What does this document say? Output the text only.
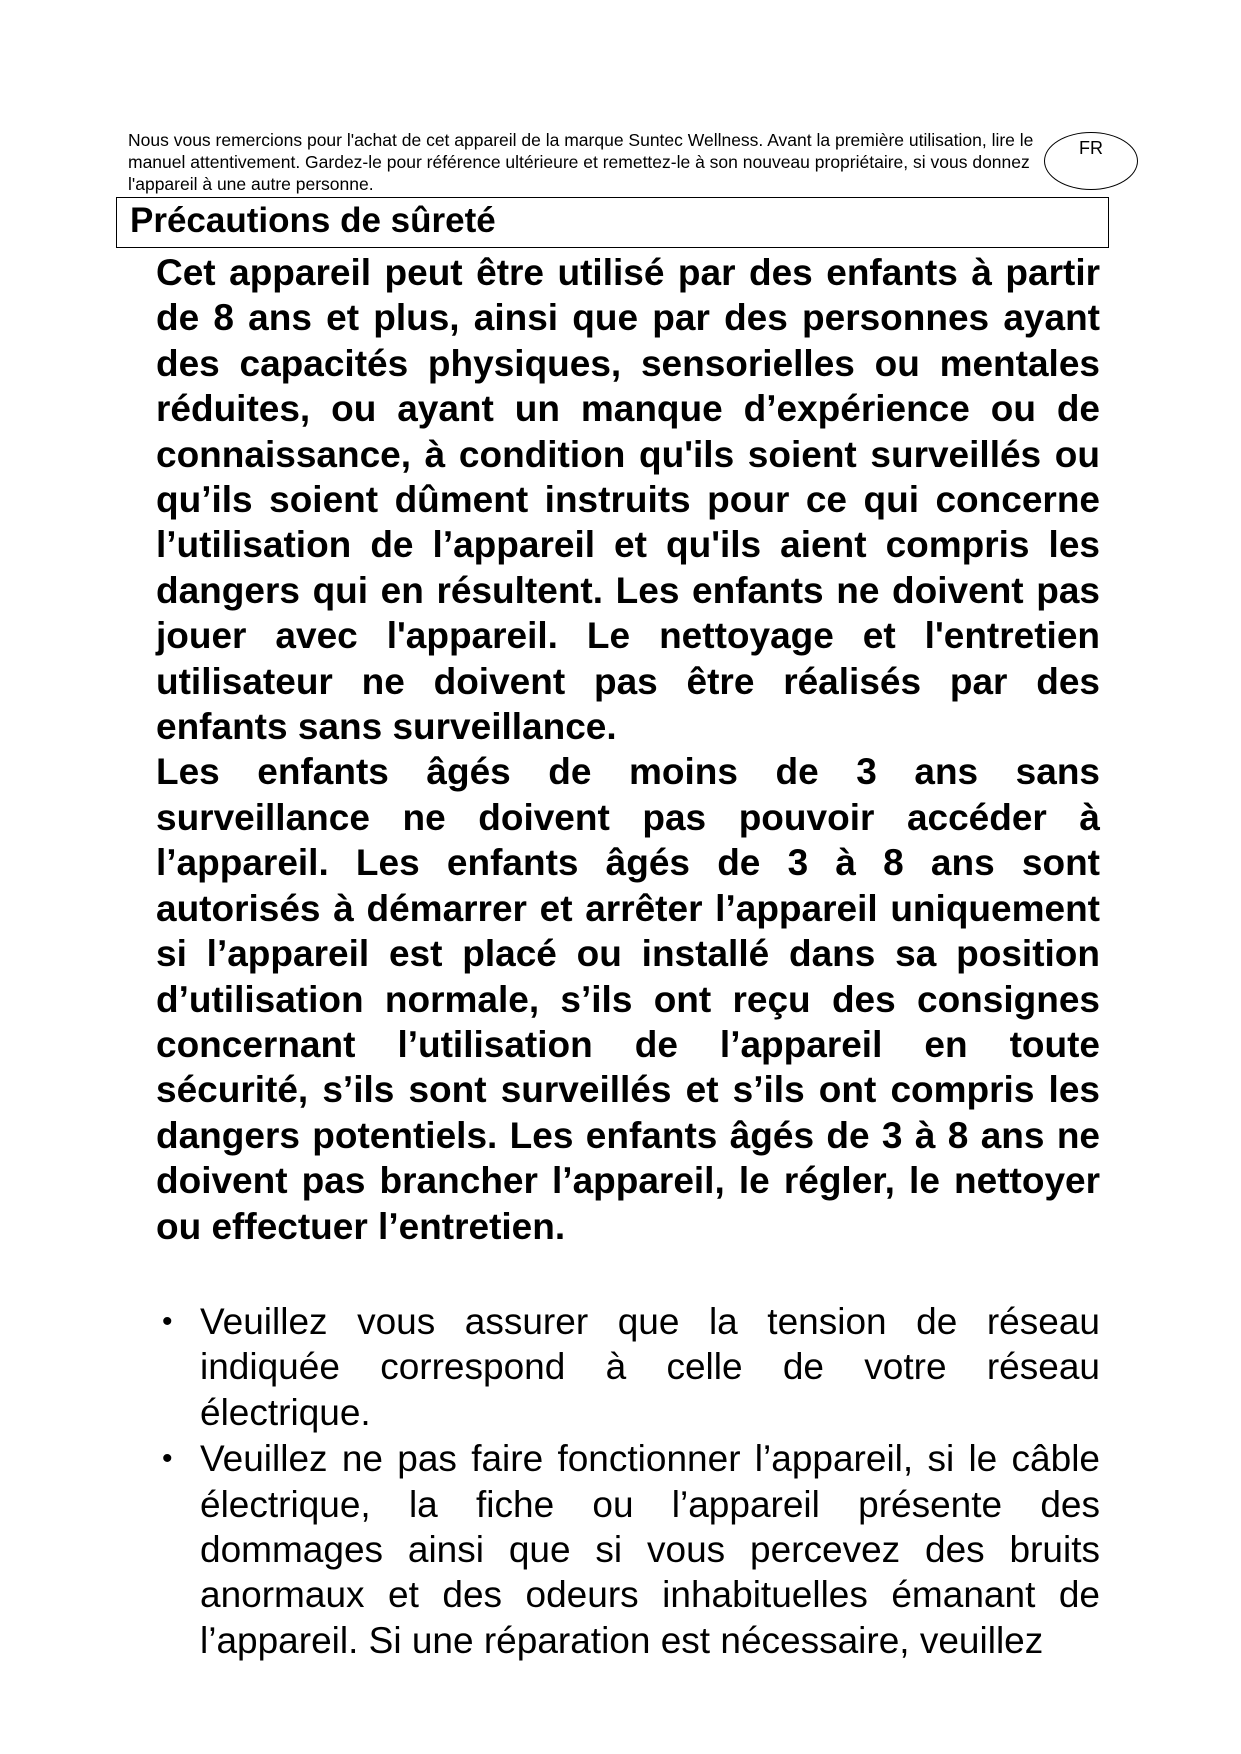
Nous vous remercions pour l'achat de cet appareil de la marque Suntec Wellness. Avant la première utilisation, lire le manuel attentivement. Gardez-le pour référence ultérieure et remettez-le à son nouveau propriétaire, si vous donnez l'appareil à une autre personne.

FR
Précautions de sûreté

Cet appareil peut être utilisé par des enfants à partir de 8 ans et plus, ainsi que par des personnes ayant des capacités physiques, sensorielles ou mentales réduites, ou ayant un manque d’expérience ou de connaissance, à condition qu'ils soient surveillés ou qu’ils soient dûment instruits pour ce qui concerne l’utilisation de l’appareil et qu'ils aient compris les dangers qui en résultent. Les enfants ne doivent pas jouer avec l'appareil. Le nettoyage et l'entretien utilisateur ne doivent pas être réalisés par des enfants sans surveillance.

Les enfants âgés de moins de 3 ans sans surveillance ne doivent pas pouvoir accéder à l’appareil. Les enfants âgés de 3 à 8 ans sont autorisés à démarrer et arrêter l’appareil uniquement si l’appareil est placé ou installé dans sa position d’utilisation normale, s’ils ont reçu des consignes concernant l’utilisation de l’appareil en toute sécurité, s’ils sont surveillés et s’ils ont compris les dangers potentiels. Les enfants âgés de 3 à 8 ans ne doivent pas brancher l’appareil, le régler, le nettoyer ou effectuer l’entretien.

• Veuillez vous assurer que la tension de réseau indiquée correspond à celle de votre réseau électrique.
• Veuillez ne pas faire fonctionner l’appareil, si le câble électrique, la fiche ou l’appareil présente des dommages ainsi que si vous percevez des bruits anormaux et des odeurs inhabituelles émanant de l’appareil. Si une réparation est nécessaire, veuillez
